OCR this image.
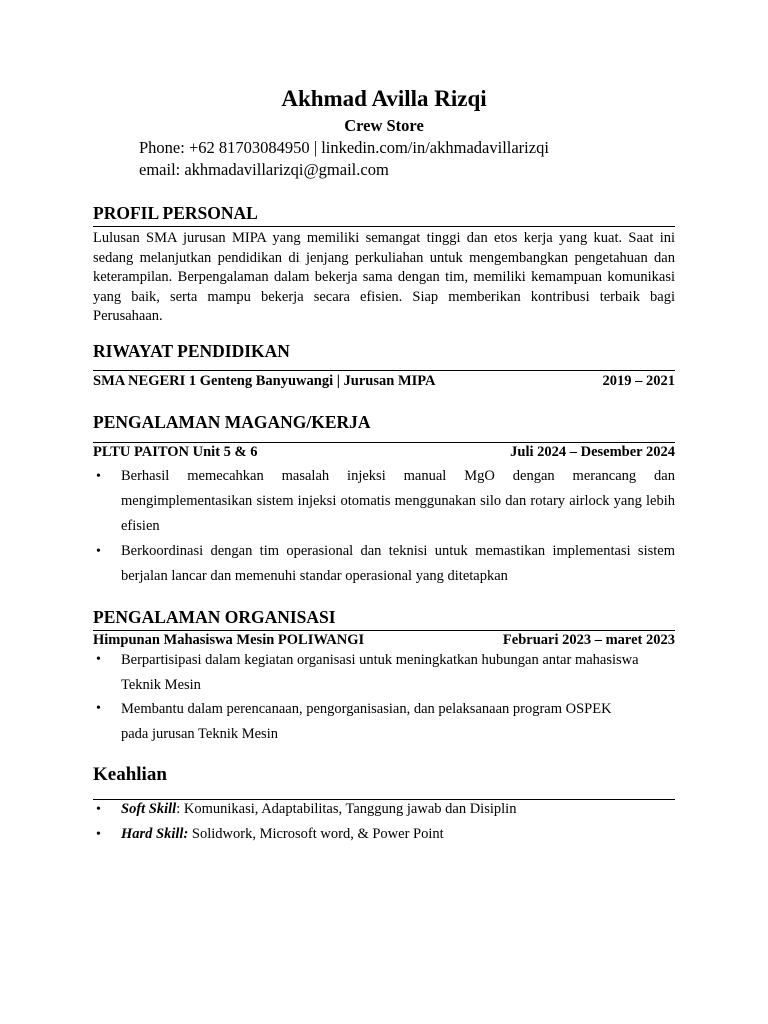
Akhmad Avilla Rizqi
Crew Store
Phone: +62 81703084950 | linkedin.com/in/akhmadavillarizqi
email: akhmadavillarizqi@gmail.com
PROFIL PERSONAL
Lulusan SMA jurusan MIPA yang memiliki semangat tinggi dan etos kerja yang kuat. Saat ini sedang melanjutkan pendidikan di jenjang perkuliahan untuk mengembangkan pengetahuan dan keterampilan. Berpengalaman dalam bekerja sama dengan tim, memiliki kemampuan komunikasi yang baik, serta mampu bekerja secara efisien. Siap memberikan kontribusi terbaik bagi Perusahaan.
RIWAYAT PENDIDIKAN
SMA NEGERI 1 Genteng Banyuwangi | Jurusan MIPA	2019 – 2021
PENGALAMAN MAGANG/KERJA
PLTU PAITON Unit 5 & 6	Juli 2024 – Desember 2024
• Berhasil memecahkan masalah injeksi manual MgO dengan merancang dan mengimplementasikan sistem injeksi otomatis menggunakan silo dan rotary airlock yang lebih efisien
• Berkoordinasi dengan tim operasional dan teknisi untuk memastikan implementasi sistem berjalan lancar dan memenuhi standar operasional yang ditetapkan
PENGALAMAN ORGANISASI
Himpunan Mahasiswa Mesin POLIWANGI	Februari 2023 – maret 2023
• Berpartisipasi dalam kegiatan organisasi untuk meningkatkan hubungan antar mahasiswa Teknik Mesin
• Membantu dalam perencanaan, pengorganisasian, dan pelaksanaan program OSPEK pada jurusan Teknik Mesin
Keahlian
• Soft Skill: Komunikasi, Adaptabilitas, Tanggung jawab dan Disiplin
• Hard Skill: Solidwork, Microsoft word, & Power Point
